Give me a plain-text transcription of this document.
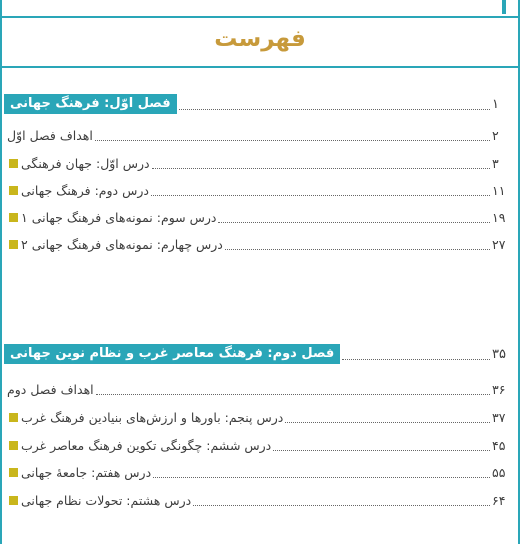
فهرست
فصل اوّل: فرهنگ جهانی	۱
اهداف فصل اوّل	۲
درس اوّل: جهان فرهنگی	۳
درس دوم: فرهنگ جهانی	۱۱
درس سوم: نمونه‌های فرهنگ جهانی ۱	۱۹
درس چهارم: نمونه‌های فرهنگ جهانی ۲	۲۷
فصل دوم: فرهنگ معاصر غرب و نظام نوین جهانی	۳۵
اهداف فصل دوم	۳۶
درس پنجم: باورها و ارزش‌های بنیادین فرهنگ غرب	۳۷
درس ششم: چگونگی تکوین فرهنگ معاصر غرب	۴۵
درس هفتم: جامعهٔ جهانی	۵۵
درس هشتم: تحولات نظام جهانی	۶۴
